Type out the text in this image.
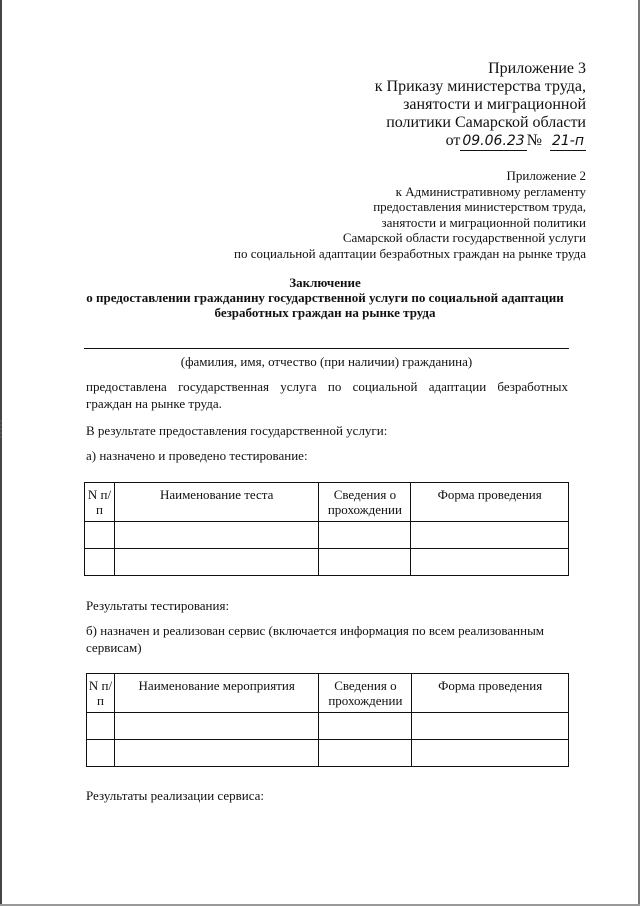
Приложение 3
к Приказу министерства труда,
занятости и миграционной
политики Самарской области
от 09.06.23 № 21-п
Приложение 2
к Административному регламенту
предоставления министерством труда,
занятости и миграционной политики
Самарской области государственной услуги
по социальной адаптации безработных граждан на рынке труда
Заключение
о предоставлении гражданину государственной услуги по социальной адаптации
безработных граждан на рынке труда
(фамилия, имя, отчество (при наличии) гражданина)
предоставлена государственная услуга по социальной адаптации безработных граждан на рынке труда.
В результате предоставления государственной услуги:
а) назначено и проведено тестирование:
N п/п	Наименование теста	Сведения о прохождении	Форма проведения

Результаты тестирования:
б) назначен и реализован сервис (включается информация по всем реализованным сервисам)
N п/п	Наименование мероприятия	Сведения о прохождении	Форма проведения

Результаты реализации сервиса:
